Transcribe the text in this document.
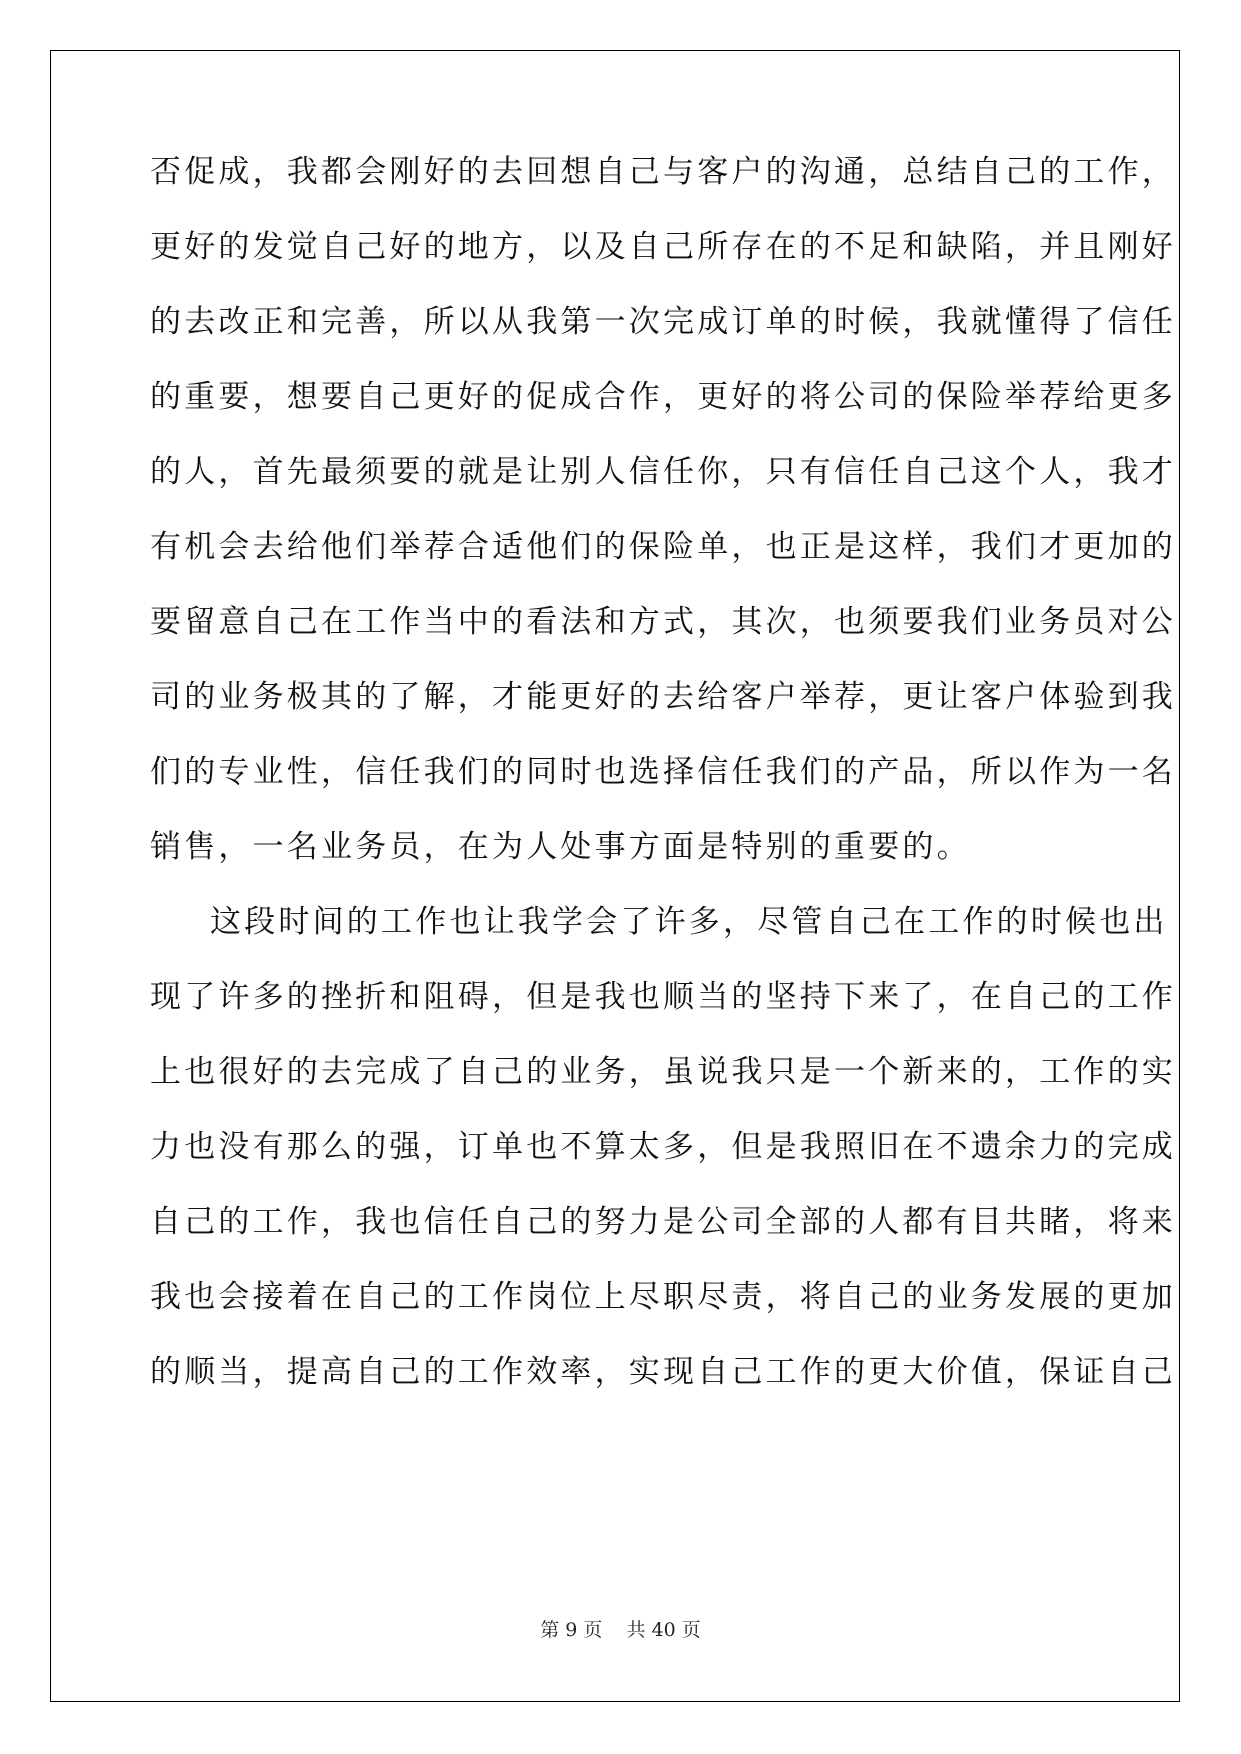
否促成，我都会刚好的去回想自己与客户的沟通，总结自己的工作，
更好的发觉自己好的地方，以及自己所存在的不足和缺陷，并且刚好
的去改正和完善，所以从我第一次完成订单的时候，我就懂得了信任
的重要，想要自己更好的促成合作，更好的将公司的保险举荐给更多
的人，首先最须要的就是让别人信任你，只有信任自己这个人，我才
有机会去给他们举荐合适他们的保险单，也正是这样，我们才更加的
要留意自己在工作当中的看法和方式，其次，也须要我们业务员对公
司的业务极其的了解，才能更好的去给客户举荐，更让客户体验到我
们的专业性，信任我们的同时也选择信任我们的产品，所以作为一名
销售，一名业务员，在为人处事方面是特别的重要的。
这段时间的工作也让我学会了许多，尽管自己在工作的时候也出
现了许多的挫折和阻碍，但是我也顺当的坚持下来了，在自己的工作
上也很好的去完成了自己的业务，虽说我只是一个新来的，工作的实
力也没有那么的强，订单也不算太多，但是我照旧在不遗余力的完成
自己的工作，我也信任自己的努力是公司全部的人都有目共睹，将来
我也会接着在自己的工作岗位上尽职尽责，将自己的业务发展的更加
的顺当，提高自己的工作效率，实现自己工作的更大价值，保证自己
第 9 页 共 40 页
